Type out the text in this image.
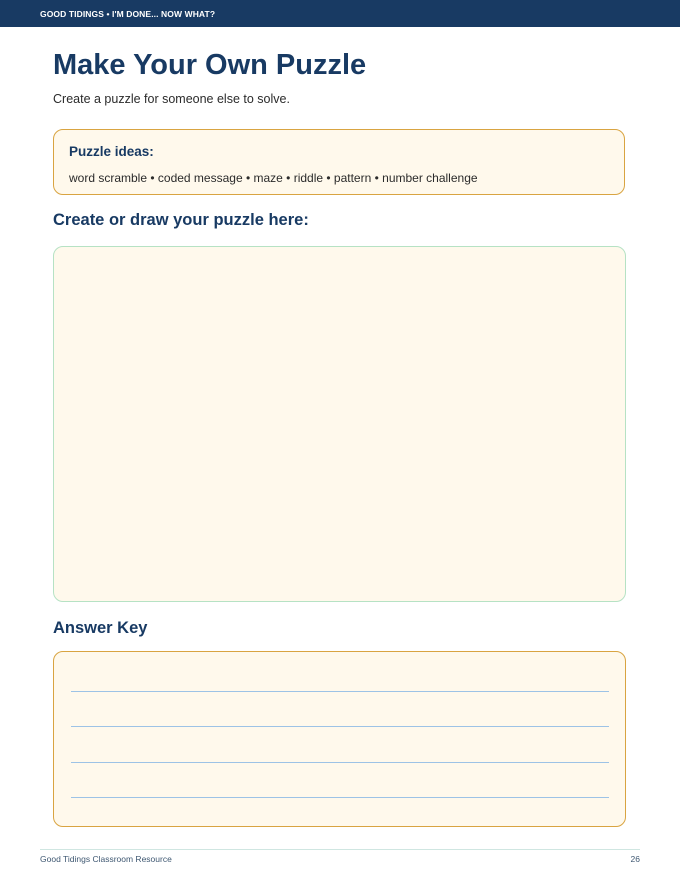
GOOD TIDINGS • I'M DONE... NOW WHAT?
Make Your Own Puzzle
Create a puzzle for someone else to solve.
Puzzle ideas:
word scramble • coded message • maze • riddle • pattern • number challenge
Create or draw your puzzle here:
Answer Key
Good Tidings Classroom Resource	26
